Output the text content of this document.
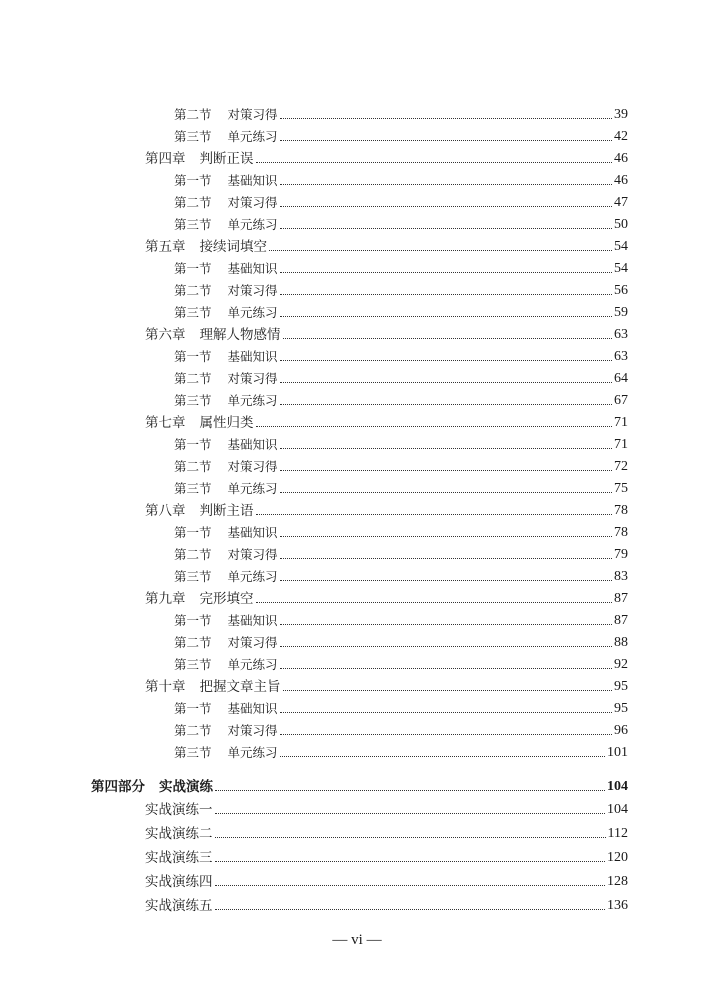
第二节 对策习得	39
第三节 单元练习	42
第四章 判断正误	46
第一节 基础知识	46
第二节 对策习得	47
第三节 单元练习	50
第五章 接续词填空	54
第一节 基础知识	54
第二节 对策习得	56
第三节 单元练习	59
第六章 理解人物感情	63
第一节 基础知识	63
第二节 对策习得	64
第三节 单元练习	67
第七章 属性归类	71
第一节 基础知识	71
第二节 对策习得	72
第三节 单元练习	75
第八章 判断主语	78
第一节 基础知识	78
第二节 对策习得	79
第三节 单元练习	83
第九章 完形填空	87
第一节 基础知识	87
第二节 对策习得	88
第三节 单元练习	92
第十章 把握文章主旨	95
第一节 基础知识	95
第二节 对策习得	96
第三节 单元练习	101
第四部分 实战演练	104
实战演练一	104
实战演练二	112
实战演练三	120
实战演练四	128
实战演练五	136
— vi —
